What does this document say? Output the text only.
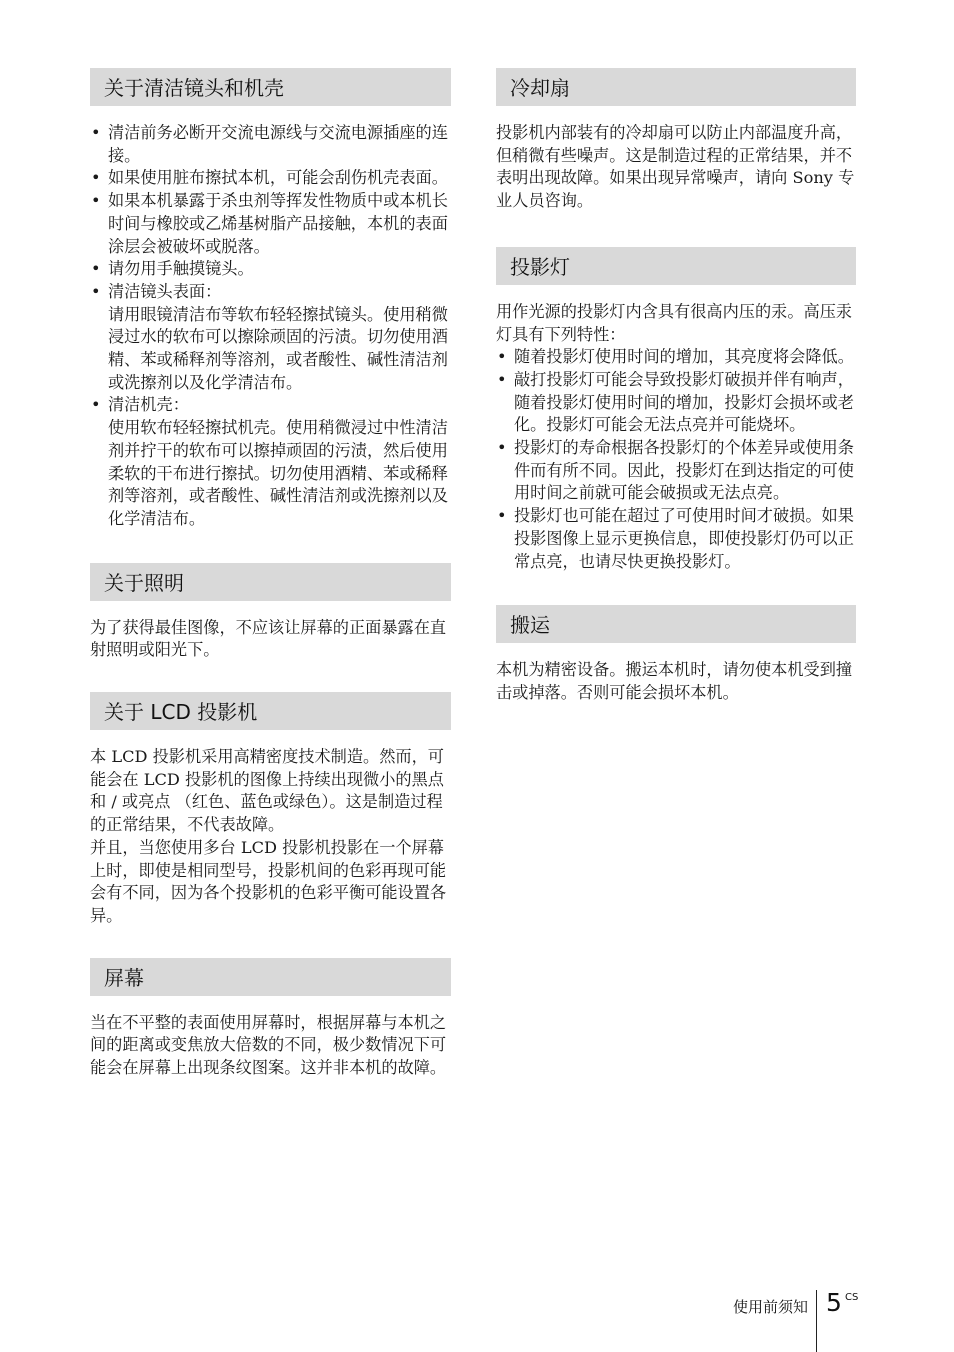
关于清洁镜头和机壳
• 清洁前务必断开交流电源线与交流电源插座的连接。
• 如果使用脏布擦拭本机，可能会刮伤机壳表面。
• 如果本机暴露于杀虫剂等挥发性物质中或本机长时间与橡胶或乙烯基树脂产品接触，本机的表面涂层会被破坏或脱落。
• 请勿用手触摸镜头。
• 清洁镜头表面：
请用眼镜清洁布等软布轻轻擦拭镜头。使用稍微浸过水的软布可以擦除顽固的污渍。切勿使用酒精、苯或稀释剂等溶剂，或者酸性、碱性清洁剂或洗擦剂以及化学清洁布。
• 清洁机壳：
使用软布轻轻擦拭机壳。使用稍微浸过中性清洁剂并拧干的软布可以擦掉顽固的污渍，然后使用柔软的干布进行擦拭。切勿使用酒精、苯或稀释剂等溶剂，或者酸性、碱性清洁剂或洗擦剂以及化学清洁布。
关于照明

为了获得最佳图像，不应该让屏幕的正面暴露在直射照明或阳光下。

关于 LCD 投影机

本 LCD 投影机采用高精密度技术制造。然而，可能会在 LCD 投影机的图像上持续出现微小的黑点和 / 或亮点 （红色、蓝色或绿色）。这是制造过程的正常结果，不代表故障。

并且，当您使用多台 LCD 投影机投影在一个屏幕上时，即使是相同型号，投影机间的色彩再现可能会有不同，因为各个投影机的色彩平衡可能设置各异。

屏幕

当在不平整的表面使用屏幕时，根据屏幕与本机之间的距离或变焦放大倍数的不同，极少数情况下可能会在屏幕上出现条纹图案。这并非本机的故障。

冷却扇

投影机内部装有的冷却扇可以防止内部温度升高，但稍微有些噪声。这是制造过程的正常结果，并不表明出现故障。如果出现异常噪声，请向 Sony 专业人员咨询。

投影灯

用作光源的投影灯内含具有很高内压的汞。高压汞灯具有下列特性：

• 随着投影灯使用时间的增加，其亮度将会降低。
• 敲打投影灯可能会导致投影灯破损并伴有响声，随着投影灯使用时间的增加，投影灯会损坏或老化。投影灯可能会无法点亮并可能烧坏。
• 投影灯的寿命根据各投影灯的个体差异或使用条件而有所不同。因此，投影灯在到达指定的可使用时间之前就可能会破损或无法点亮。
• 投影灯也可能在超过了可使用时间才破损。如果投影图像上显示更换信息，即使投影灯仍可以正常点亮，也请尽快更换投影灯。
搬运

本机为精密设备。搬运本机时，请勿使本机受到撞击或掉落。否则可能会损坏本机。

使用前须知 5 CS
